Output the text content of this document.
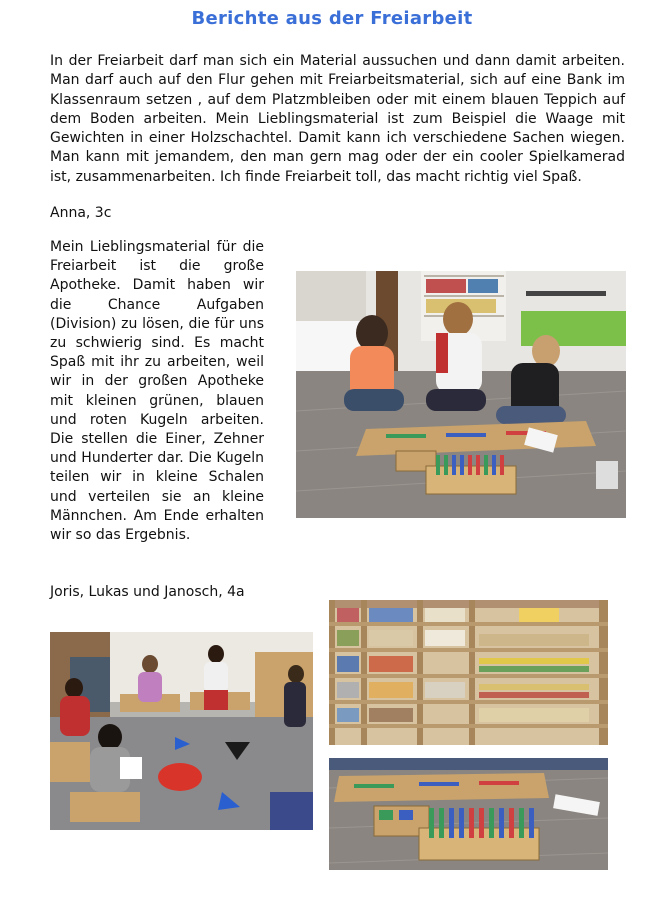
Berichte aus der Freiarbeit
In der Freiarbeit darf man sich ein Material aussuchen und dann damit arbeiten. Man darf auch auf den Flur gehen mit Freiarbeitsmaterial, sich auf eine Bank im Klassenraum setzen , auf dem Platzmbleiben oder mit einem blauen Teppich auf dem Boden arbeiten. Mein Lieblingsmaterial ist zum Beispiel die Waage mit Gewichten in einer Holzschachtel. Damit kann ich verschiedene Sachen wiegen. Man kann mit jemandem, den man gern mag oder der ein cooler Spielkamerad ist, zusammenarbeiten. Ich finde Freiarbeit toll, das macht richtig viel Spaß.
Anna, 3c
Mein Lieblingsmaterial für die Freiarbeit ist die große Apotheke. Damit haben wir die Chance Aufgaben (Division) zu lösen, die für uns zu schwierig sind. Es macht Spaß mit ihr zu arbeiten, weil wir in der großen Apotheke mit kleinen grünen, blauen und roten Kugeln arbeiten. Die stellen die Einer, Zehner und Hunderter dar. Die Kugeln teilen wir in kleine Schalen und verteilen sie an kleine Männchen. Am Ende erhalten wir so das Ergebnis.
Joris, Lukas und Janosch, 4a
